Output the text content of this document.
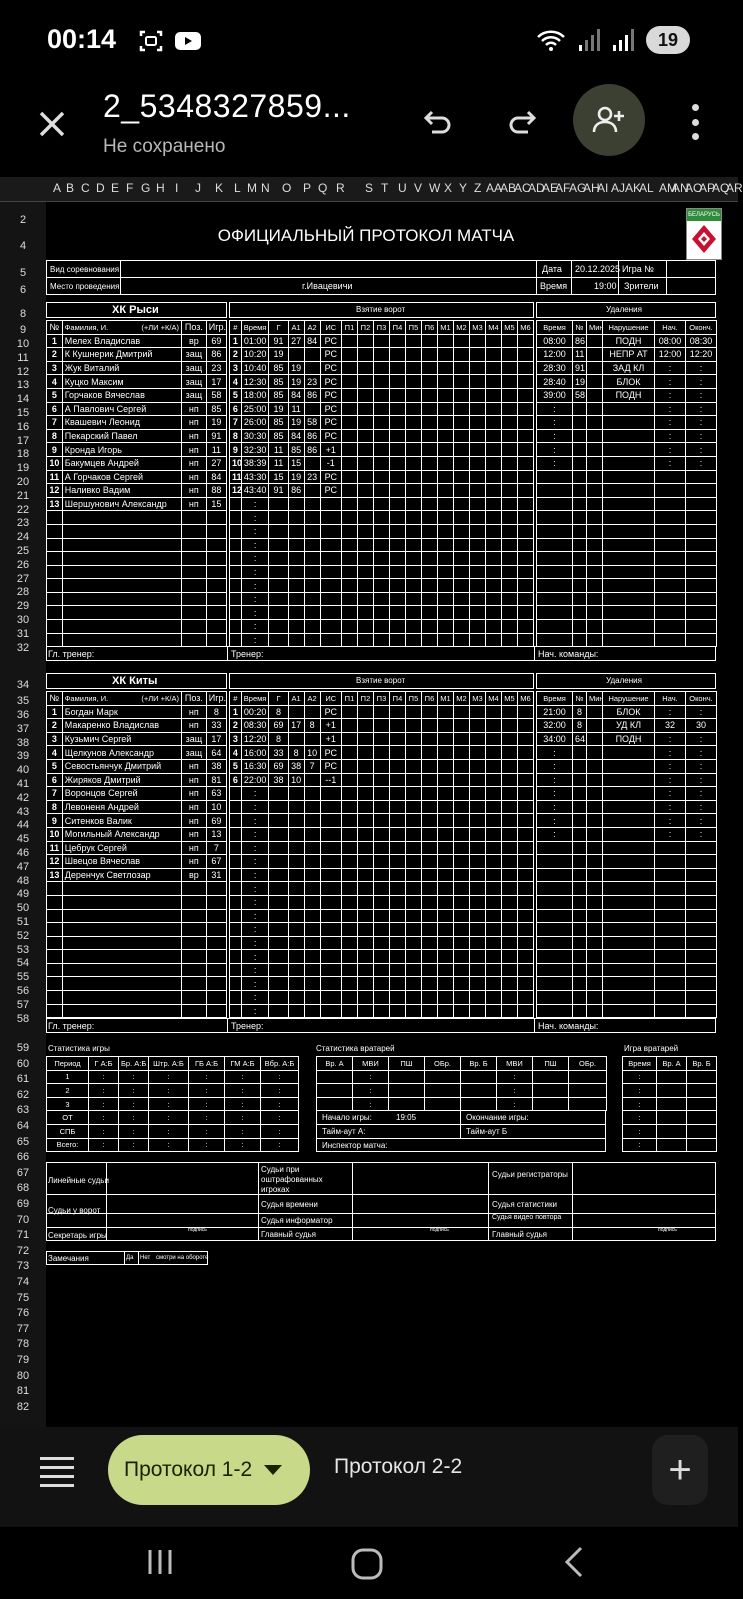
00:14	19
2_5348327859...
Не сохранено
A B C D E F G H I J K L M N O P Q R S T U V W X Y Z AA
AB
AC
AD
AE
AF
AG
AH
AI AJ AK
AL AM
AN
AO
AP
AQ
AR
2
4
5
6
8
9
10
11
12
13
14
15
16
17
18
19
20
21
22
23
24
25
26
27
28
29
30
31
32
34
35
36
37
38
39
40
41
42
43
44
45
46
47
48
49
50
51
52
53
54
55
56
57
58
59
60
61
62
63
64
65
66
67
68
69
70
71
72
73
74
75
76
77
78
79
80
81
82
ОФИЦИАЛЬНЫЙ ПРОТОКОЛ МАТЧА
БЕЛАРУСЬ
Вид соревнования
Место проведения	г.Ивацевичи
Дата 20.12.2025 Игра №
Время	19:00 Зрители
ХК Рыси	Взятие ворот	Удаления
№	Фамилия, И. (+ЛИ +К/А)	Поз.	Игр.
1	Мелех Владислав	вр	69
2	К Кушнерик Дмитрий	защ	86
3	Жук Виталий	защ	23
4	Куцко Максим	защ	17
5	Горчаков Вячеслав	защ	58
6	А Павлович Сергей	нп	85
7	Квашевич Леонид	нп	19
8	Пекарский Павел	нп	91
9	Кронда Игорь	нп	11
10	Бакумцев Андрей	нп	27
11	А Горчаков Сергей	нп	84
12	Наливко Вадим	нп	88
13	Шершунович Александр	нп	15

#	Время	Г	А1	А2	ИС	П1	П2	П3	П4	П5	П6	М1	М2	М3	М4	М5	М6
1	01:00	91	27	84	РС												
2	10:20	19			РС												
3	10:40	85	19		РС												
4	12:30	85	19	23	РС												
5	18:00	85	84	86	РС												
6	25:00	19	11		РС												
7	26:00	85	19	58	РС												
8	30:30	85	84	86	РС												
9	32:30	11	85	86	+1												
10	38:39	11	15		-1												
11	43:30	15	19	23	РС												
12	43:40	91	86		РС												
	:																
	:																
	:																
	:																
	:																
	:																
	:																
	:																
	:																
	:																
	:																
Время	№	Мин	Нарушение	Нач.	Оконч.
08:00	86		ПОДН	08:00	08:30
12:00	11		НЕПР АТ	12:00	12:20
28:30	91		ЗАД КЛ	:	:
28:40	19		БЛОК	:	:
39:00	58		ПОДН	:	:
:				:	:
:				:	:
:				:	:
:				:	:
:				:	:

Гл. тренер:	Тренер:	Нач. команды:
ХК Киты	Взятие ворот	Удаления
№	Фамилия, И. (+ЛИ +К/А)	Поз.	Игр.
1	Богдан Марк	нп	8
2	Макаренко Владислав	нп	33
3	Кузьмич Сергей	защ	17
4	Щелкунов Александр	защ	64
5	Севостьянчук Дмитрий	нп	38
6	Жиряков Дмитрий	нп	81
7	Воронцов Сергей	нп	63
8	Левоненя Андрей	нп	10
9	Ситенков Валик	нп	69
10	Могильный Александр	нп	13
11	Цебрук Сергей	нп	7
12	Швецов Вячеслав	нп	67
13	Деренчук Светлозар	вр	31

#	Время	Г	А1	А2	ИС	П1	П2	П3	П4	П5	П6	М1	М2	М3	М4	М5	М6
1	00:20	8			РС												
2	08:30	69	17	8	+1												
3	12:20	8			+1												
4	16:00	33	8	10	РС												
5	16:30	69	38	7	РС												
6	22:00	38	10		--1												
	:																
	:																
	:																
	:																
	:																
	:																
	:																
	:																
	:																
	:																
	:																
	:																
	:																
	:																
	:																
	:																
	:																
Время	№	Мин	Нарушение	Нач.	Оконч.
21:00	8		БЛОК	:	:
32:00	8		УД КЛ	32	30
34:00	64		ПОДН	:	:
:				:	:
:				:	:
:				:	:
:				:	:
:				:	:
:				:	:
:				:	:

Гл. тренер:	Тренер:	Нач. команды:
Статистика игры	Статистика вратарей	Игра вратарей
Период	Г А:Б	Бр. А:Б	Штр. А:Б	ГБ А:Б	ГМ А:Б	Вбр. А:Б
1	:	:	:	:	:	:
2	:	:	:	:	:	:
3	:	:	:	:	:	:
ОТ	:	:	:	:	:	:
СПБ	:	:	:	:	:	:
Всего:	:	:	:	:	:	:
Вр. А	МВИ	ПШ	ОБр.	Вр. Б	МВИ	ПШ	ОБр.
	:				:		
	:				:		
	:				:		
Время	Вр. А	Вр. Б
:		
:		
:		
:		
:		
:		
Начало игры:	19:05	Окончание игры:
Тайм-аут А:	Тайм-аут Б
Инспектор матча:
Линейные судьи
Судьи у ворот
Секретарь игры
Судьи при оштрафованных игроках
Судья времени
Судья информатор
Главный судья
Судьи регистраторы
Судья статистики
Судья видео повтора
Главный судья
подпись	подпись	подпись
Замечания	Да Нет смотри на обороте
Протокол 1-2	Протокол 2-2	+
